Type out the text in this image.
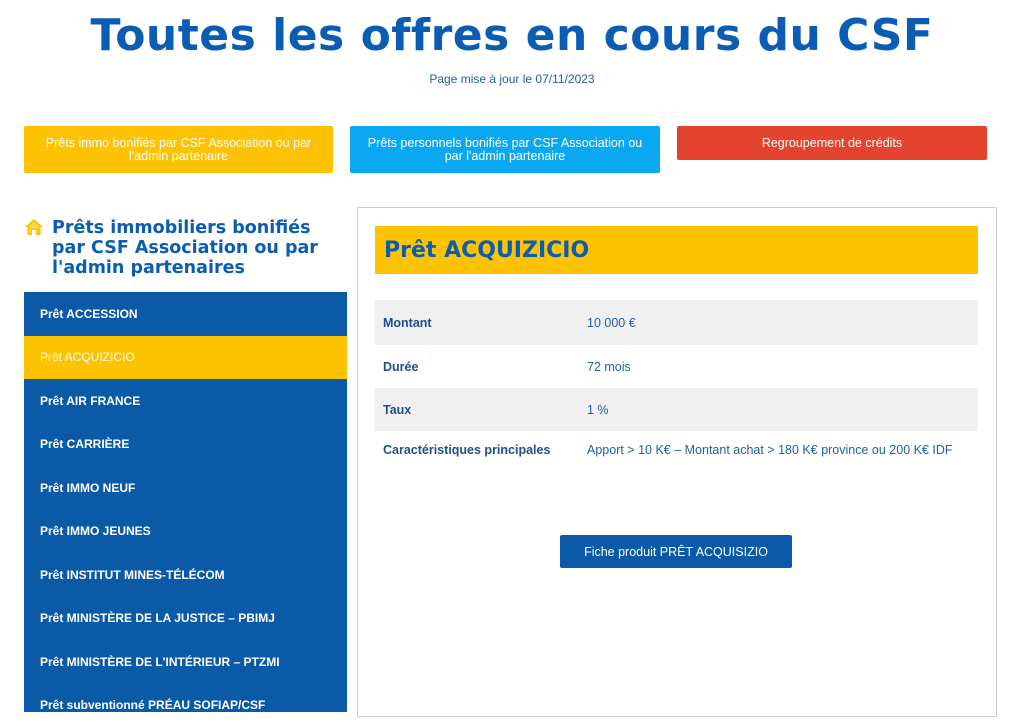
Toutes les offres en cours du CSF
Page mise à jour le 07/11/2023
Prêts immo bonifiés par CSF Association ou par l'admin partenaire
Prêts personnels bonifiés par CSF Association ou par l'admin partenaire
Regroupement de crédits
Prêts immobiliers bonifiés par CSF Association ou par l'admin partenaires
Prêt ACCESSION
Prêt ACQUIZICIO
Prêt AIR FRANCE
Prêt CARRIÈRE
Prêt IMMO NEUF
Prêt IMMO JEUNES
Prêt INSTITUT MINES-TÉLÉCOM
Prêt MINISTÈRE DE LA JUSTICE – PBIMJ
Prêt MINISTÈRE DE L'INTÉRIEUR – PTZMI
Prêt subventionné PRÉAU SOFIAP/CSF
Prêt ACQUIZICIO
Montant	10 000 €
Durée	72 mois
Taux	1 %
Caractéristiques principales	Apport > 10 K€ – Montant achat > 180 K€ province ou 200 K€ IDF
Fiche produit PRÊT ACQUISIZIO
